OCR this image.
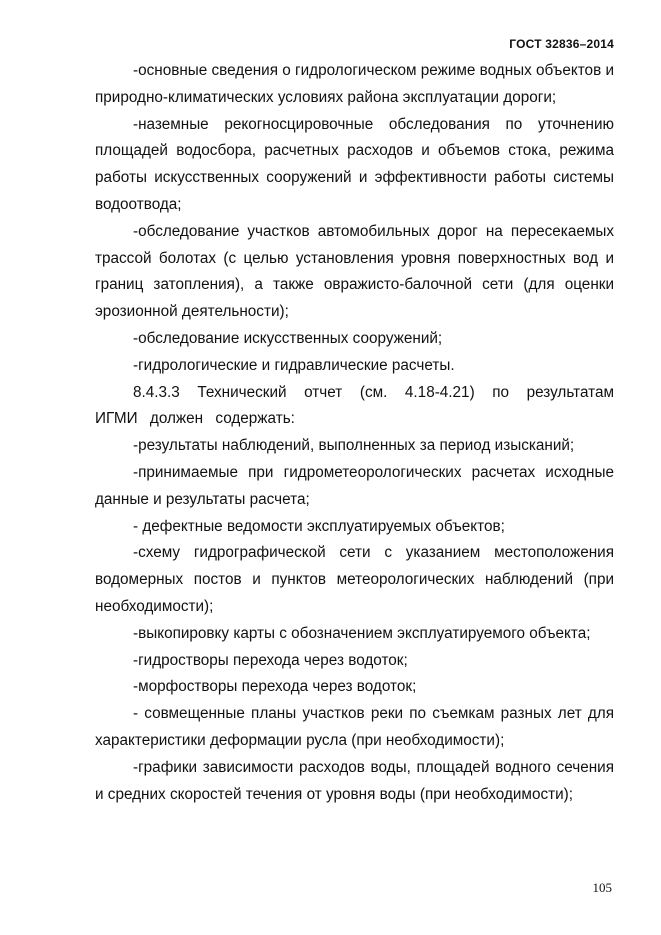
ГОСТ 32836–2014
-основные сведения о гидрологическом режиме водных объектов и природно-климатических условиях района эксплуатации дороги;
-наземные рекогносцировочные обследования по уточнению площадей водосбора, расчетных расходов и объемов стока, режима работы искусственных сооружений и эффективности работы системы водоотвода;
-обследование участков автомобильных дорог на пересекаемых трассой болотах (с целью установления уровня поверхностных вод и границ затопления), а также овражисто-балочной сети (для оценки эрозионной деятельности);
-обследование искусственных сооружений;
-гидрологические и гидравлические расчеты.
8.4.3.3 Технический отчет (см. 4.18-4.21) по результатам ИГМИ должен содержать:
-результаты наблюдений, выполненных за период изысканий;
-принимаемые при гидрометеорологических расчетах исходные данные и результаты расчета;
- дефектные ведомости эксплуатируемых объектов;
-схему гидрографической сети с указанием местоположения водомерных постов и пунктов метеорологических наблюдений (при необходимости);
-выкопировку карты с обозначением эксплуатируемого объекта;
-гидростворы перехода через водоток;
-морфостворы перехода через водоток;
- совмещенные планы участков реки по съемкам разных лет для характеристики деформации русла (при необходимости);
-графики зависимости расходов воды, площадей водного сечения и средних скоростей течения от уровня воды (при необходимости);
105
